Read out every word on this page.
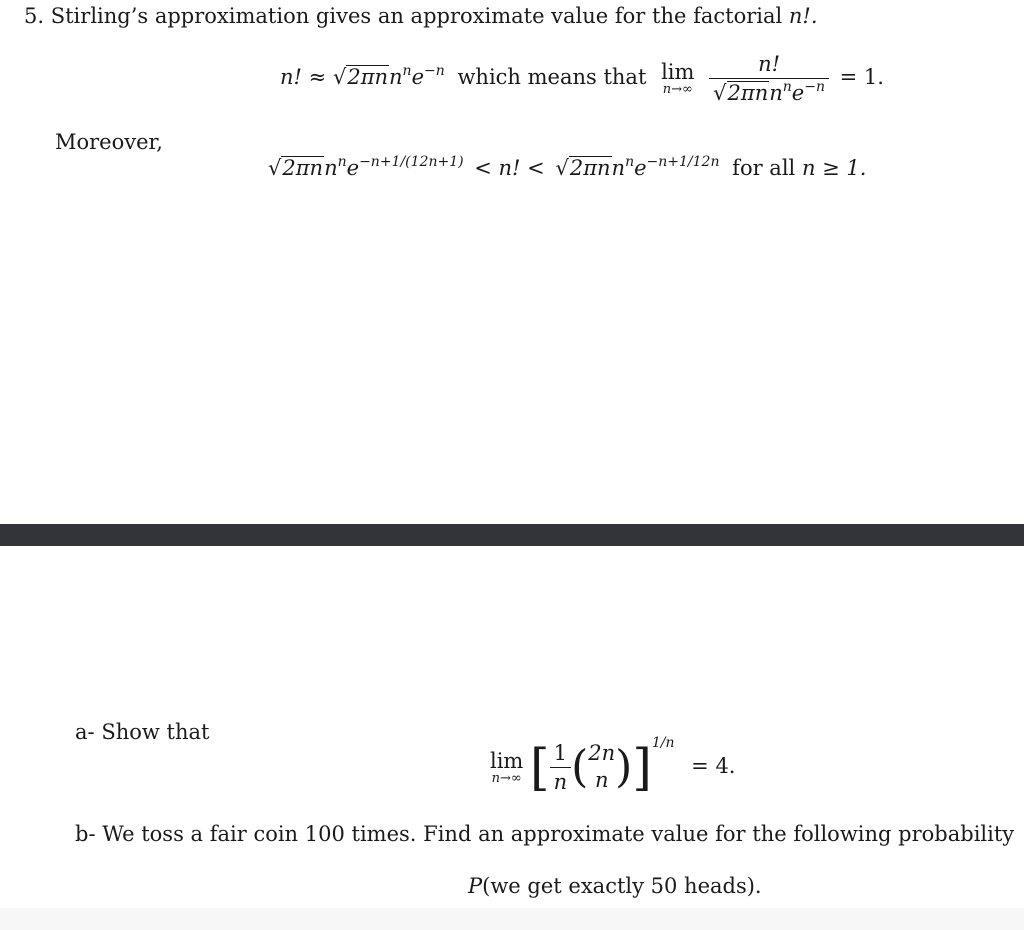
5. Stirling’s approximation gives an approximate value for the factorial n!.
n! ≈ $√2\pi nn^ne^{-n}$ which means that lim
n→∞
$\frac{n!}{√2\pi nn^ne^{-n}} = 1$.
Moreover,
$√2\pi nn^ne^{-n+1/(12n+1)} < n$! < $√2\pi nn^ne^{-n+1/12n}$ for all n ≥ 1.
a- Show that
lim
n→∞ [ $\frac{1}{n}$ ( 2n
n )]$^{1/n}$ = 4.
b- We toss a fair coin 100 times. Find an approximate value for the following probability
P(we get exactly 50 heads).
